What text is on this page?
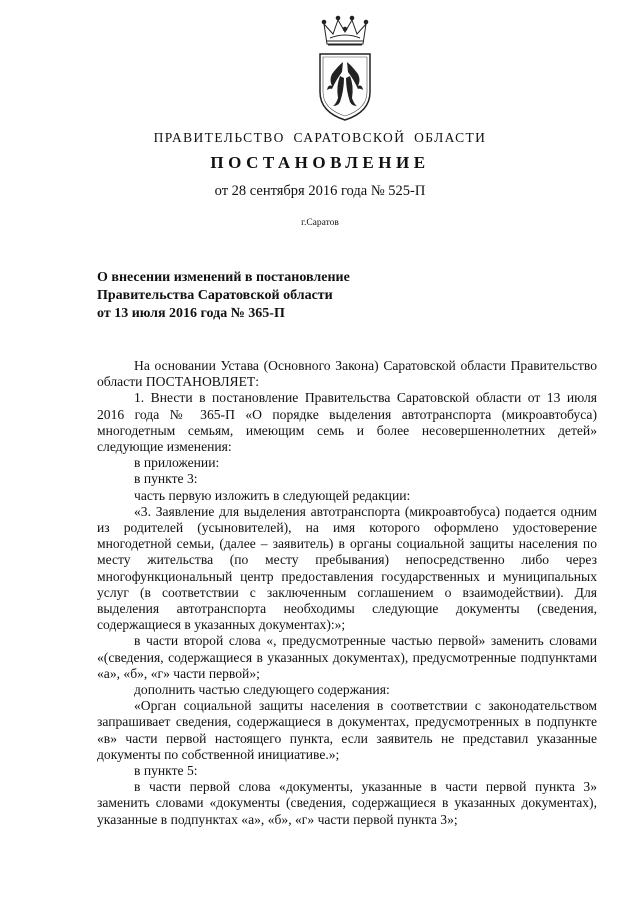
ПРАВИТЕЛЬСТВО САРАТОВСКОЙ ОБЛАСТИ
ПОСТАНОВЛЕНИЕ
от 28 сентября 2016 года № 525-П
г.Саратов
О внесении изменений в постановление
Правительства Саратовской области
от 13 июля 2016 года № 365-П

На основании Устава (Основного Закона) Саратовской области Правительство области ПОСТАНОВЛЯЕТ:

1. Внести в постановление Правительства Саратовской области от 13 июля 2016 года № 365-П «О порядке выделения автотранспорта (микроавтобуса) многодетным семьям, имеющим семь и более несовершеннолетних детей» следующие изменения:

в приложении:

в пункте 3:

часть первую изложить в следующей редакции:

«3. Заявление для выделения автотранспорта (микроавтобуса) подается одним из родителей (усыновителей), на имя которого оформлено удостоверение многодетной семьи, (далее – заявитель) в органы социальной защиты населения по месту жительства (по месту пребывания) непосредственно либо через многофункциональный центр предоставления государственных и муниципальных услуг (в соответствии с заключенным соглашением о взаимодействии). Для выделения автотранспорта необходимы следующие документы (сведения, содержащиеся в указанных документах):»;

в части второй слова «, предусмотренные частью первой» заменить словами «(сведения, содержащиеся в указанных документах), предусмотренные подпунктами «а», «б», «г» части первой»;

дополнить частью следующего содержания:

«Орган социальной защиты населения в соответствии с законодательством запрашивает сведения, содержащиеся в документах, предусмотренных в подпункте «в» части первой настоящего пункта, если заявитель не представил указанные документы по собственной инициативе.»;

в пункте 5:

в части первой слова «документы, указанные в части первой пункта 3» заменить словами «документы (сведения, содержащиеся в указанных документах), указанные в подпунктах «а», «б», «г» части первой пункта 3»;
